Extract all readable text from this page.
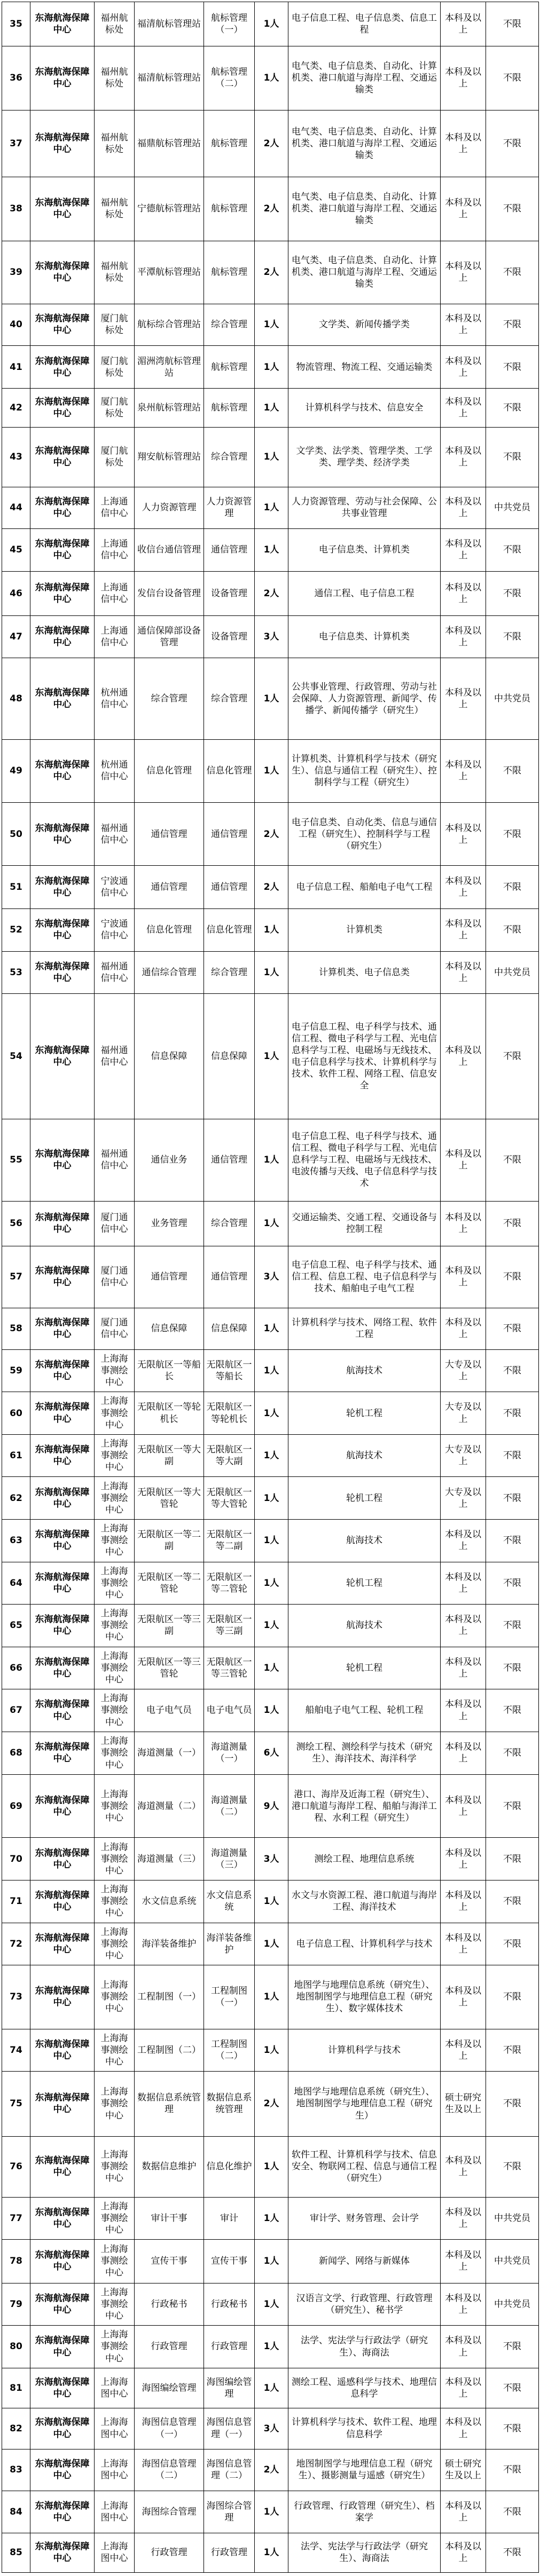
35	东海航海保障中心	福州航标处	福清航标管理站	航标管理（一）	1人	电子信息工程、电子信息类、信息工程	本科及以上	不限
36	东海航海保障中心	福州航标处	福清航标管理站	航标管理（二）	1人	电气类、电子信息类、自动化、计算机类、港口航道与海岸工程、交通运输类	本科及以上	不限
37	东海航海保障中心	福州航标处	福鼎航标管理站	航标管理	2人	电气类、电子信息类、自动化、计算机类、港口航道与海岸工程、交通运输类	本科及以上	不限
38	东海航海保障中心	福州航标处	宁德航标管理站	航标管理	2人	电气类、电子信息类、自动化、计算机类、港口航道与海岸工程、交通运输类	本科及以上	不限
39	东海航海保障中心	福州航标处	平潭航标管理站	航标管理	2人	电气类、电子信息类、自动化、计算机类、港口航道与海岸工程、交通运输类	本科及以上	不限
40	东海航海保障中心	厦门航标处	航标综合管理站	综合管理	1人	文学类、新闻传播学类	本科及以上	不限
41	东海航海保障中心	厦门航标处	湄洲湾航标管理站	航标管理	1人	物流管理、物流工程、交通运输类	本科及以上	不限
42	东海航海保障中心	厦门航标处	泉州航标管理站	航标管理	1人	计算机科学与技术、信息安全	本科及以上	不限
43	东海航海保障中心	厦门航标处	翔安航标管理站	综合管理	1人	文学类、法学类、管理学类、工学类、理学类、经济学类	本科及以上	不限
44	东海航海保障中心	上海通信中心	人力资源管理	人力资源管理	1人	人力资源管理、劳动与社会保障、公共事业管理	本科及以上	中共党员
45	东海航海保障中心	上海通信中心	收信台通信管理	通信管理	1人	电子信息类、计算机类	本科及以上	不限
46	东海航海保障中心	上海通信中心	发信台设备管理	设备管理	2人	通信工程、电子信息工程	本科及以上	不限
47	东海航海保障中心	上海通信中心	通信保障部设备管理	设备管理	3人	电子信息类、计算机类	本科及以上	不限
48	东海航海保障中心	杭州通信中心	综合管理	综合管理	1人	公共事业管理、行政管理、劳动与社会保障、人力资源管理、新闻学、传播学、新闻传播学（研究生）	本科及以上	中共党员
49	东海航海保障中心	杭州通信中心	信息化管理	信息化管理	1人	计算机类、计算机科学与技术（研究生）、信息与通信工程（研究生）、控制科学与工程（研究生）	本科及以上	不限
50	东海航海保障中心	福州通信中心	通信管理	通信管理	2人	电子信息类、自动化类、信息与通信工程（研究生）、控制科学与工程（研究生）	本科及以上	不限
51	东海航海保障中心	宁波通信中心	通信管理	通信管理	2人	电子信息工程、船舶电子电气工程	本科及以上	不限
52	东海航海保障中心	宁波通信中心	信息化管理	信息化管理	1人	计算机类	本科及以上	不限
53	东海航海保障中心	福州通信中心	通信综合管理	综合管理	1人	计算机类、电子信息类	本科及以上	中共党员
54	东海航海保障中心	福州通信中心	信息保障	信息保障	1人	电子信息工程、电子科学与技术、通信工程、微电子科学与工程、光电信息科学与工程、电磁场与无线技术、电子信息科学与技术、计算机科学与技术、软件工程、网络工程、信息安全	本科及以上	不限
55	东海航海保障中心	福州通信中心	通信业务	通信管理	1人	电子信息工程、电子科学与技术、通信工程、微电子科学与工程、光电信息科学与工程、电磁场与无线技术、电波传播与天线、电子信息科学与技术	本科及以上	不限
56	东海航海保障中心	厦门通信中心	业务管理	综合管理	1人	交通运输类、交通工程、交通设备与控制工程	本科及以上	不限
57	东海航海保障中心	厦门通信中心	通信管理	通信管理	3人	电子信息工程、电子科学与技术、通信工程、信息工程、电子信息科学与技术、船舶电子电气工程	本科及以上	不限
58	东海航海保障中心	厦门通信中心	信息保障	信息保障	1人	计算机科学与技术、网络工程、软件工程	本科及以上	不限
59	东海航海保障中心	上海海事测绘中心	无限航区一等船长	无限航区一等船长	1人	航海技术	大专及以上	不限
60	东海航海保障中心	上海海事测绘中心	无限航区一等轮机长	无限航区一等轮机长	1人	轮机工程	大专及以上	不限
61	东海航海保障中心	上海海事测绘中心	无限航区一等大副	无限航区一等大副	1人	航海技术	大专及以上	不限
62	东海航海保障中心	上海海事测绘中心	无限航区一等大管轮	无限航区一等大管轮	1人	轮机工程	大专及以上	不限
63	东海航海保障中心	上海海事测绘中心	无限航区一等二副	无限航区一等二副	1人	航海技术	本科及以上	不限
64	东海航海保障中心	上海海事测绘中心	无限航区一等二管轮	无限航区一等二管轮	1人	轮机工程	本科及以上	不限
65	东海航海保障中心	上海海事测绘中心	无限航区一等三副	无限航区一等三副	1人	航海技术	本科及以上	不限
66	东海航海保障中心	上海海事测绘中心	无限航区一等三管轮	无限航区一等三管轮	1人	轮机工程	本科及以上	不限
67	东海航海保障中心	上海海事测绘中心	电子电气员	电子电气员	1人	船舶电子电气工程、轮机工程	本科及以上	不限
68	东海航海保障中心	上海海事测绘中心	海道测量（一）	海道测量（一）	6人	测绘工程、测绘科学与技术（研究生）、海洋技术、海洋科学	本科及以上	不限
69	东海航海保障中心	上海海事测绘中心	海道测量（二）	海道测量（二）	9人	港口、海岸及近海工程（研究生）、港口航道与海岸工程、船舶与海洋工程、水利工程（研究生）	本科及以上	不限
70	东海航海保障中心	上海海事测绘中心	海道测量（三）	海道测量（三）	3人	测绘工程、地理信息系统	本科及以上	不限
71	东海航海保障中心	上海海事测绘中心	水文信息系统	水文信息系统	1人	水文与水资源工程、港口航道与海岸工程、海洋技术	本科及以上	不限
72	东海航海保障中心	上海海事测绘中心	海洋装备维护	海洋装备维护	1人	电子信息工程、计算机科学与技术	本科及以上	不限
73	东海航海保障中心	上海海事测绘中心	工程制图（一）	工程制图（一）	1人	地图学与地理信息系统（研究生）、地图制图学与地理信息工程（研究生）、数字媒体技术	本科及以上	不限
74	东海航海保障中心	上海海事测绘中心	工程制图（二）	工程制图（二）	1人	计算机科学与技术	本科及以上	不限
75	东海航海保障中心	上海海事测绘中心	数据信息系统管理	数据信息系统管理	2人	地图学与地理信息系统（研究生）、地图制图学与地理信息工程（研究生）	硕士研究生及以上	不限
76	东海航海保障中心	上海海事测绘中心	数据信息维护	信息化维护	1人	软件工程、计算机科学与技术、信息安全、物联网工程、信息与通信工程（研究生）	本科及以上	不限
77	东海航海保障中心	上海海事测绘中心	审计干事	审计	1人	审计学、财务管理、会计学	本科及以上	中共党员
78	东海航海保障中心	上海海事测绘中心	宣传干事	宣传干事	1人	新闻学、网络与新媒体	本科及以上	中共党员
79	东海航海保障中心	上海海事测绘中心	行政秘书	行政秘书	1人	汉语言文学、行政管理、行政管理（研究生）、秘书学	本科及以上	中共党员
80	东海航海保障中心	上海海事测绘中心	行政管理	行政管理	1人	法学、宪法学与行政法学（研究生）、海商法	本科及以上	不限
81	东海航海保障中心	上海海图中心	海图编绘管理	海图编绘管理	1人	测绘工程、遥感科学与技术、地理信息科学	本科及以上	不限
82	东海航海保障中心	上海海图中心	海图信息管理（一）	海图信息管理（一）	3人	计算机科学与技术、软件工程、地理信息科学	本科及以上	不限
83	东海航海保障中心	上海海图中心	海图信息管理（二）	海图信息管理（二）	2人	地图制图学与地理信息工程（研究生）、摄影测量与遥感（研究生）	硕士研究生及以上	不限
84	东海航海保障中心	上海海图中心	海图综合管理	海图综合管理	1人	行政管理、行政管理（研究生）、档案学	本科及以上	不限
85	东海航海保障中心	上海海图中心	行政管理	行政管理	1人	法学、宪法学与行政法学（研究生）、海商法	本科及以上	不限
